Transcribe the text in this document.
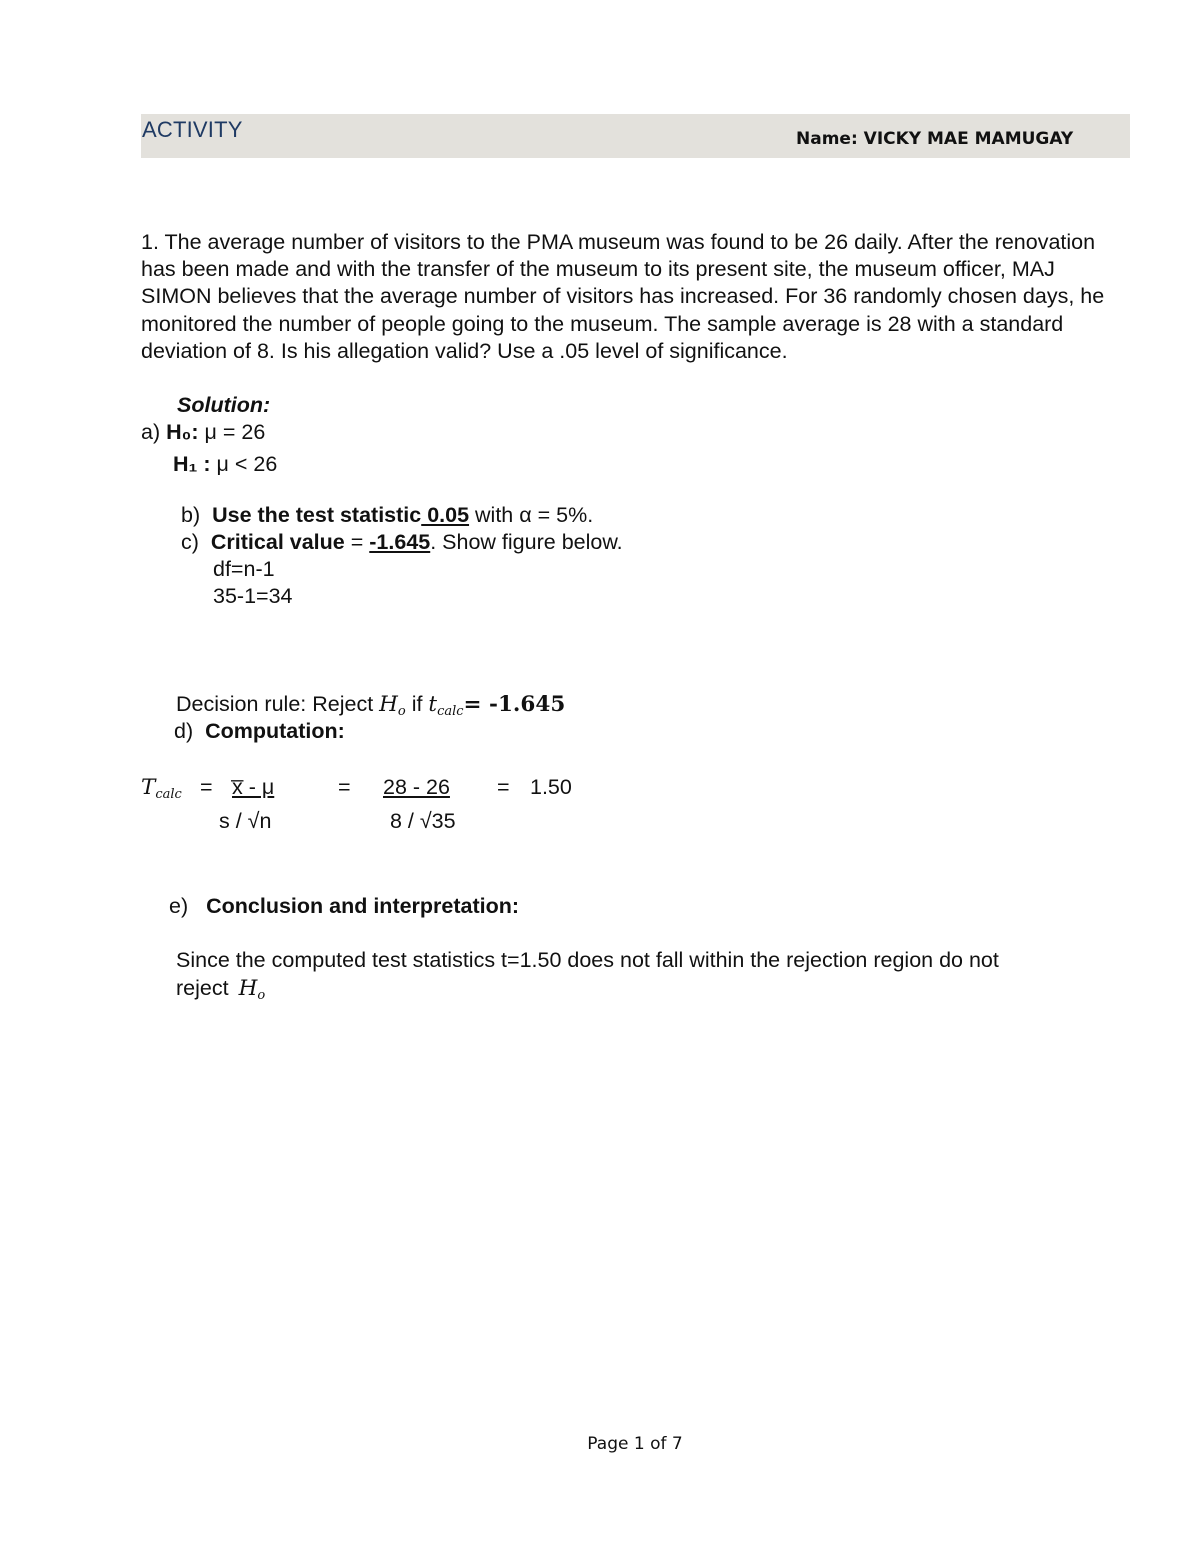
ACTIVITY	Name: VICKY MAE MAMUGAY
1. The average number of visitors to the PMA museum was found to be 26 daily. After the renovation has been made and with the transfer of the museum to its present site, the museum officer, MAJ SIMON believes that the average number of visitors has increased. For 36 randomly chosen days, he monitored the number of people going to the museum. The sample average is 28 with a standard deviation of 8. Is his allegation valid? Use a .05 level of significance.
Solution:
a) H₀: μ = 26
H₁ : μ < 26
b) Use the test statistic 0.05 with α = 5%.
c) Critical value = -1.645. Show figure below.
df=n-1
35-1=34
Decision rule: Reject $H_o$ if $t_{calc}= -1.645$
d) Computation:
$T_{calc}$ = x̅ - μ
s / √n
= 28 - 26
8 / √35
= 1.50
e) Conclusion and interpretation:
Since the computed test statistics t=1.50 does not fall within the rejection region do not
reject $H_o$
Page 1 of 7
